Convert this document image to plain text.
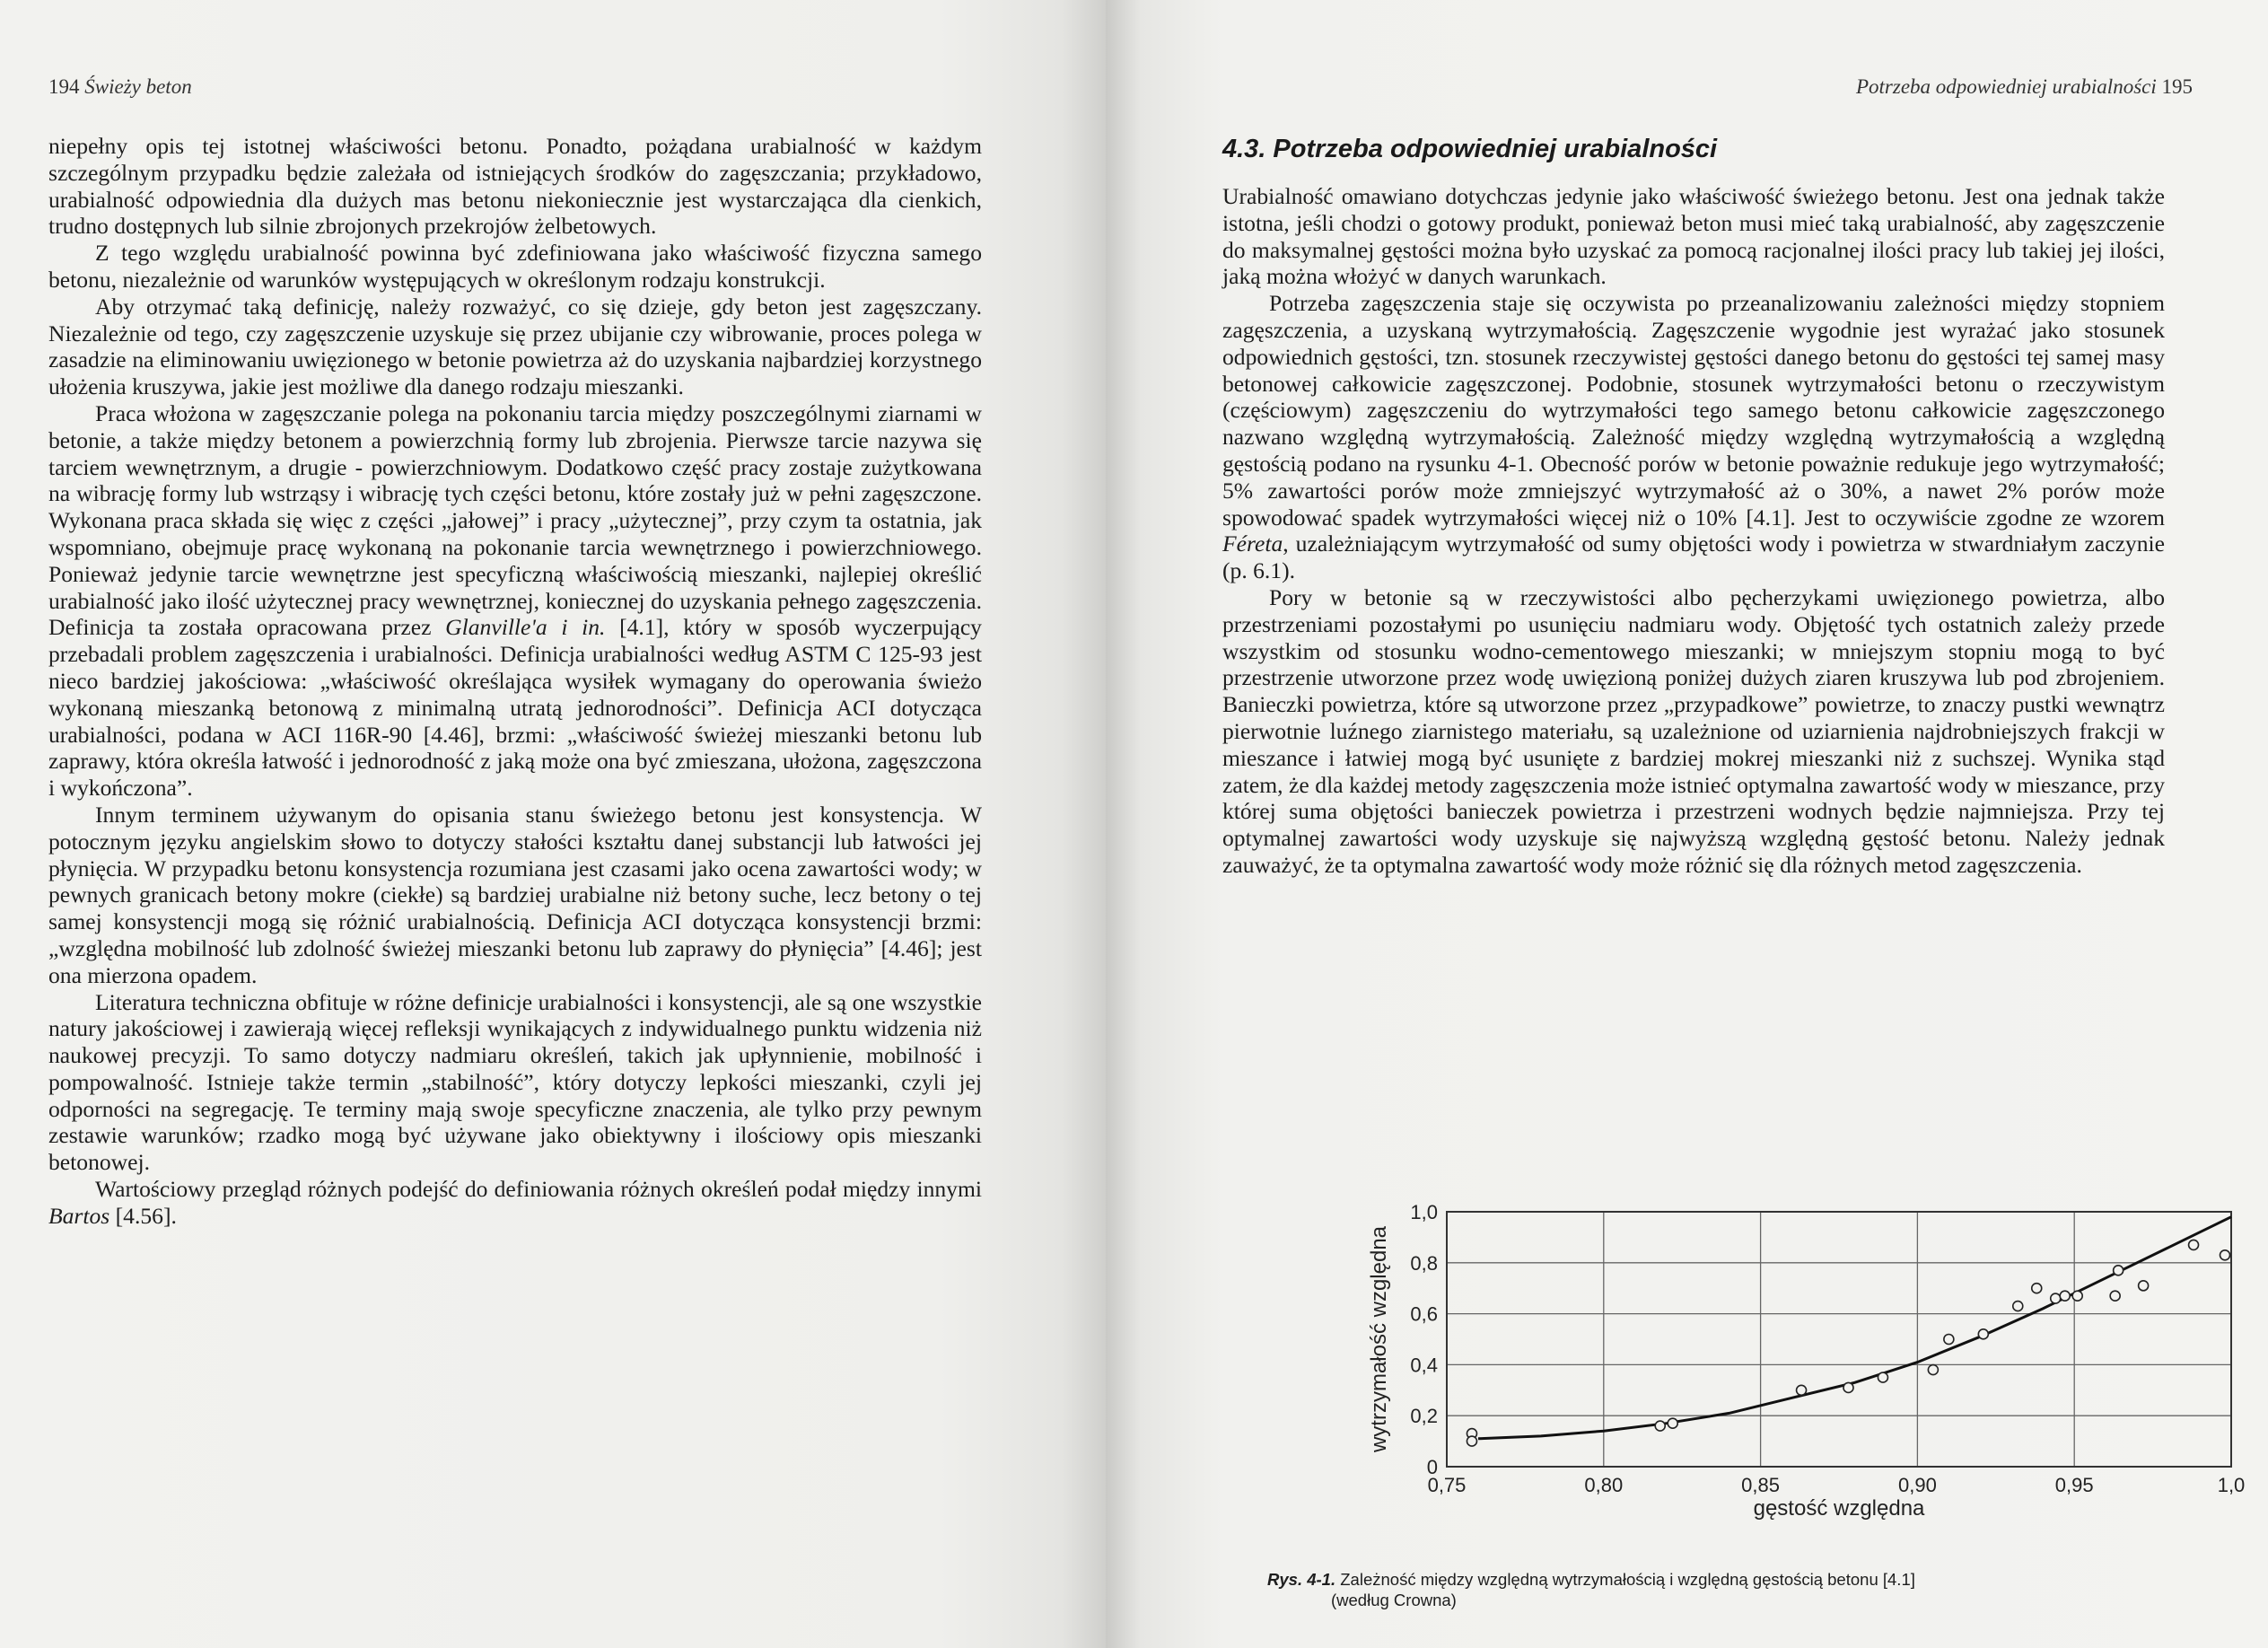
194 Świeży beton

niepełny opis tej istotnej właściwości betonu. Ponadto, pożądana urabialność w każdym szczególnym przypadku będzie zależała od istniejących środków do zagęszczania; przykładowo, urabialność odpowiednia dla dużych mas betonu niekoniecznie jest wystarczająca dla cienkich, trudno dostępnych lub silnie zbrojonych przekrojów żelbetowych.

Z tego względu urabialność powinna być zdefiniowana jako właściwość fizyczna samego betonu, niezależnie od warunków występujących w określonym rodzaju konstrukcji.

Aby otrzymać taką definicję, należy rozważyć, co się dzieje, gdy beton jest zagęszczany. Niezależnie od tego, czy zagęszczenie uzyskuje się przez ubijanie czy wibrowanie, proces polega w zasadzie na eliminowaniu uwięzionego w betonie powietrza aż do uzyskania najbardziej korzystnego ułożenia kruszywa, jakie jest możliwe dla danego rodzaju mieszanki.

Praca włożona w zagęszczanie polega na pokonaniu tarcia między poszczególnymi ziarnami w betonie, a także między betonem a powierzchnią formy lub zbrojenia. Pierwsze tarcie nazywa się tarciem wewnętrznym, a drugie - powierzchniowym. Dodatkowo część pracy zostaje zużytkowana na wibrację formy lub wstrząsy i wibrację tych części betonu, które zostały już w pełni zagęszczone. Wykonana praca składa się więc z części „jałowej” i pracy „użytecznej”, przy czym ta ostatnia, jak wspomniano, obejmuje pracę wykonaną na pokonanie tarcia wewnętrznego i powierzchniowego. Ponieważ jedynie tarcie wewnętrzne jest specyficzną właściwością mieszanki, najlepiej określić urabialność jako ilość użytecznej pracy wewnętrznej, koniecznej do uzyskania pełnego zagęszczenia. Definicja ta została opracowana przez Glanville'a i in. [4.1], który w sposób wyczerpujący przebadali problem zagęszczenia i urabialności. Definicja urabialności według ASTM C 125-93 jest nieco bardziej jakościowa: „właściwość określająca wysiłek wymagany do operowania świeżo wykonaną mieszanką betonową z minimalną utratą jednorodności”. Definicja ACI dotycząca urabialności, podana w ACI 116R-90 [4.46], brzmi: „właściwość świeżej mieszanki betonu lub zaprawy, która określa łatwość i jednorodność z jaką może ona być zmieszana, ułożona, zagęszczona i wykończona”.

Innym terminem używanym do opisania stanu świeżego betonu jest konsystencja. W potocznym języku angielskim słowo to dotyczy stałości kształtu danej substancji lub łatwości jej płynięcia. W przypadku betonu konsystencja rozumiana jest czasami jako ocena zawartości wody; w pewnych granicach betony mokre (ciekłe) są bardziej urabialne niż betony suche, lecz betony o tej samej konsystencji mogą się różnić urabialnością. Definicja ACI dotycząca konsystencji brzmi: „względna mobilność lub zdolność świeżej mieszanki betonu lub zaprawy do płynięcia” [4.46]; jest ona mierzona opadem.

Literatura techniczna obfituje w różne definicje urabialności i konsystencji, ale są one wszystkie natury jakościowej i zawierają więcej refleksji wynikających z indywidualnego punktu widzenia niż naukowej precyzji. To samo dotyczy nadmiaru określeń, takich jak upłynnienie, mobilność i pompowalność. Istnieje także termin „stabilność”, który dotyczy lepkości mieszanki, czyli jej odporności na segregację. Te terminy mają swoje specyficzne znaczenia, ale tylko przy pewnym zestawie warunków; rzadko mogą być używane jako obiektywny i ilościowy opis mieszanki betonowej.

Wartościowy przegląd różnych podejść do definiowania różnych określeń podał między innymi Bartos [4.56].

Potrzeba odpowiedniej urabialności 195
4.3. Potrzeba odpowiedniej urabialności

Urabialność omawiano dotychczas jedynie jako właściwość świeżego betonu. Jest ona jednak także istotna, jeśli chodzi o gotowy produkt, ponieważ beton musi mieć taką urabialność, aby zagęszczenie do maksymalnej gęstości można było uzyskać za pomocą racjonalnej ilości pracy lub takiej jej ilości, jaką można włożyć w danych warunkach.

Potrzeba zagęszczenia staje się oczywista po przeanalizowaniu zależności między stopniem zagęszczenia, a uzyskaną wytrzymałością. Zagęszczenie wygodnie jest wyrażać jako stosunek odpowiednich gęstości, tzn. stosunek rzeczywistej gęstości danego betonu do gęstości tej samej masy betonowej całkowicie zagęszczonej. Podobnie, stosunek wytrzymałości betonu o rzeczywistym (częściowym) zagęszczeniu do wytrzymałości tego samego betonu całkowicie zagęszczonego nazwano względną wytrzymałością. Zależność między względną wytrzymałością a względną gęstością podano na rysunku 4-1. Obecność porów w betonie poważnie redukuje jego wytrzymałość; 5% zawartości porów może zmniejszyć wytrzymałość aż o 30%, a nawet 2% porów może spowodować spadek wytrzymałości więcej niż o 10% [4.1]. Jest to oczywiście zgodne ze wzorem Féreta, uzależniającym wytrzymałość od sumy objętości wody i powietrza w stwardniałym zaczynie (p. 6.1).

Pory w betonie są w rzeczywistości albo pęcherzykami uwięzionego powietrza, albo przestrzeniami pozostałymi po usunięciu nadmiaru wody. Objętość tych ostatnich zależy przede wszystkim od stosunku wodno-cementowego mieszanki; w mniejszym stopniu mogą to być przestrzenie utworzone przez wodę uwięzioną poniżej dużych ziaren kruszywa lub pod zbrojeniem. Banieczki powietrza, które są utworzone przez „przypadkowe” powietrze, to znaczy pustki wewnątrz pierwotnie luźnego ziarnistego materiału, są uzależnione od uziarnienia najdrobniejszych frakcji w mieszance i łatwiej mogą być usunięte z bardziej mokrej mieszanki niż z suchszej. Wynika stąd zatem, że dla każdej metody zagęszczenia może istnieć optymalna zawartość wody w mieszance, przy której suma objętości banieczek powietrza i przestrzeni wodnych będzie najmniejsza. Przy tej optymalnej zawartości wody uzyskuje się najwyższą względną gęstość betonu. Należy jednak zauważyć, że ta optymalna zawartość wody może różnić się dla różnych metod zagęszczenia.

0
0,2
0,4
0,6
0,8
1,0
0,75	0,80	0,85	0,90	0,95	1,0
gęstość względna
wytrzymałość względna
Rys. 4-1. Zależność między względną wytrzymałością i względną gęstością betonu [4.1]
(według Crowna)
